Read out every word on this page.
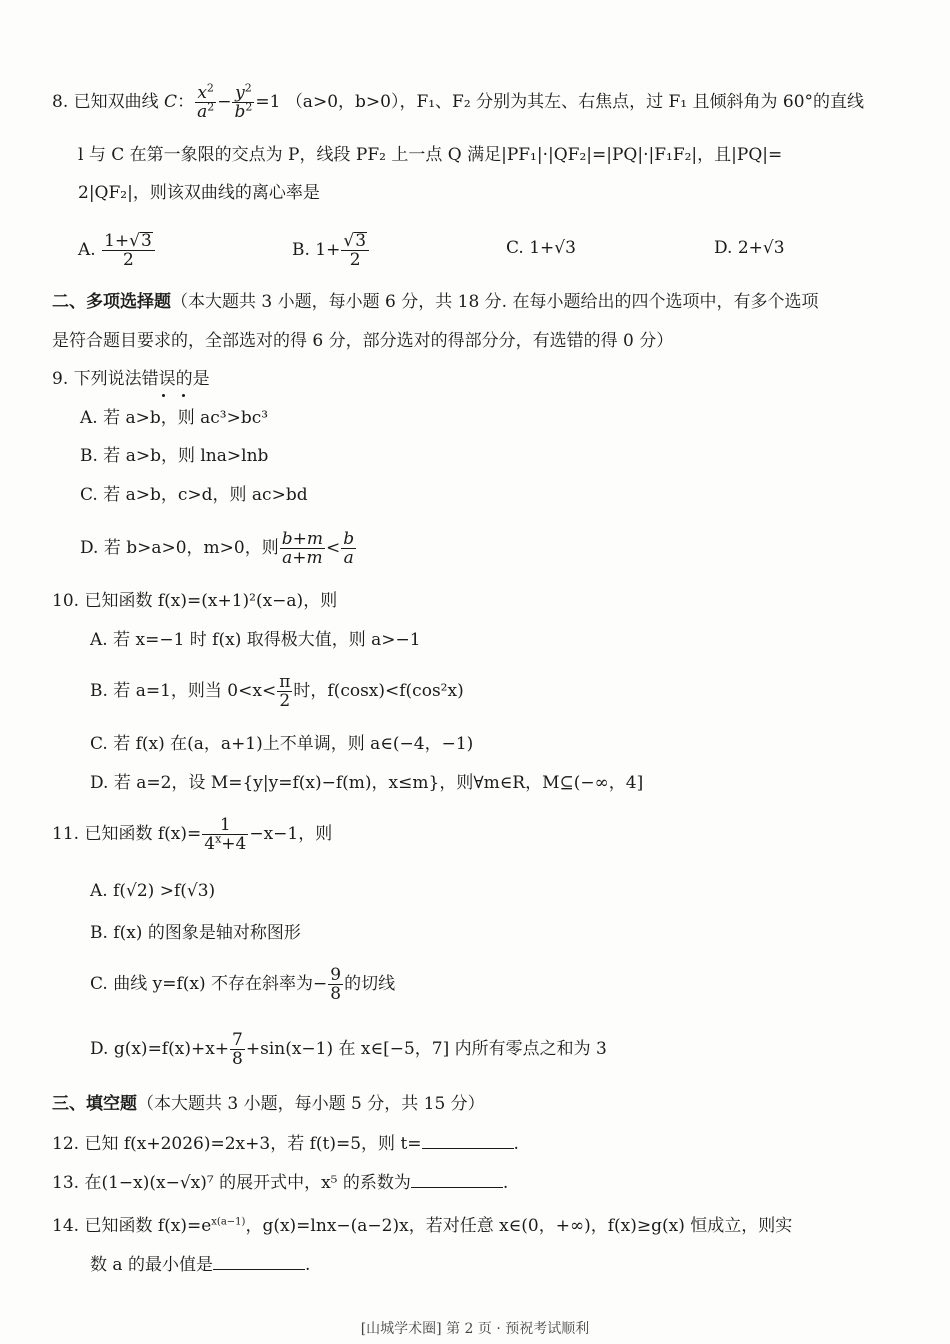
8. 已知双曲线 C： $\frac{x^2}{a^2} - \frac{y^2}{b^2} =1$ （a>0，b>0），F₁、F₂ 分别为其左、右焦点，过 F₁ 且倾斜角为 60°的直线
l 与 C 在第一象限的交点为 P，线段 PF₂ 上一点 Q 满足|PF₁|·|QF₂|=|PQ|·|F₁F₂|，且|PQ|=
2|QF₂|，则该双曲线的离心率是
A. $\frac{1+√3}{2}$	B. $1+ \frac{√3}{2}$	C. 1+√3	D. 2+√3
二、多项选择题（本大题共 3 小题，每小题 6 分，共 18 分. 在每小题给出的四个选项中，有多个选项
是符合题目要求的，全部选对的得 6 分，部分选对的得部分分，有选错的得 0 分）
9. 下列说法错误的是
A. 若 a>b，则 ac³>bc³
B. 若 a>b，则 lna>lnb
C. 若 a>b，c>d，则 ac>bd
D. 若 b>a>0，m>0，则 $\frac{b+m}{a+m} < \frac{b}{a}$
10. 已知函数 f(x)=(x+1)²(x−a)，则
A. 若 x=−1 时 f(x) 取得极大值，则 a>−1
B. 若 a=1，则当 $0<x< \frac{\pi}{2}$ 时，f(cosx)<f(cos²x)
C. 若 f(x) 在(a，a+1)上不单调，则 a∈(−4，−1)
D. 若 a=2，设 M={y|y=f(x)−f(m)，x≤m}，则∀m∈R，M⊆(−∞，4]
11. 已知函数 $f(x)= \frac{1}{4^x+4} -x-1$，则
A. f(√2) >f(√3)
B. f(x) 的图象是轴对称图形
C. 曲线 y=f(x) 不存在斜率为− $\frac{9}{8}$ 的切线
D. $g(x)=f(x)+x+ \frac{7}{8} +\sin(x-1)$ 在 x∈[−5，7] 内所有零点之和为 3
三、填空题（本大题共 3 小题，每小题 5 分，共 15 分）
12. 已知 f(x+2026)=2x+3，若 f(t)=5，则 t=	.
13. 在(1−x)(x−√x)⁷ 的展开式中，x⁵ 的系数为	.
14. 已知函数 $f(x)=e^{x(a-1)}$，g(x)=lnx−(a−2)x，若对任意 x∈(0，+∞)，f(x)≥g(x) 恒成立，则实
数 a 的最小值是	.
[山城学术圈] 第 2 页 · 预祝考试顺利
